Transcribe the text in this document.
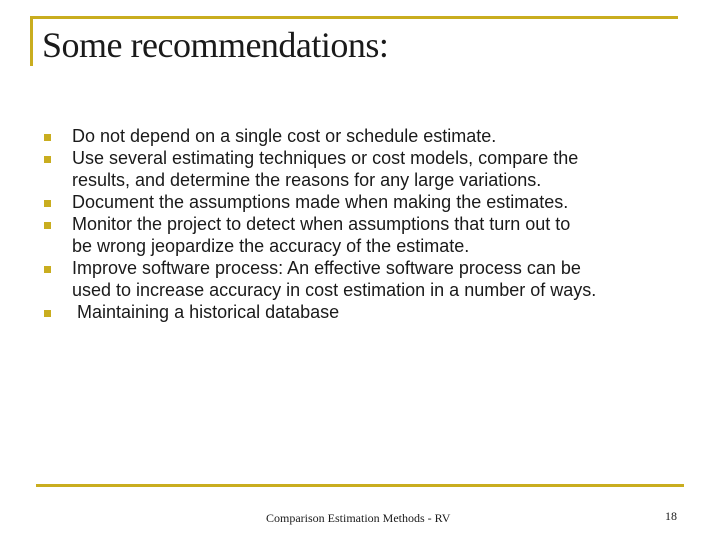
Some recommendations:
Do not depend on a single cost or schedule estimate.
Use several estimating techniques or cost models, compare the
results, and determine the reasons for any large variations.
Document the assumptions made when making the estimates.
Monitor the project to detect when assumptions that turn out to
be wrong jeopardize the accuracy of the estimate.
Improve software process: An effective software process can be
used to increase accuracy in cost estimation in a number of ways.
Maintaining a historical database
Comparison Estimation Methods - RV	18
